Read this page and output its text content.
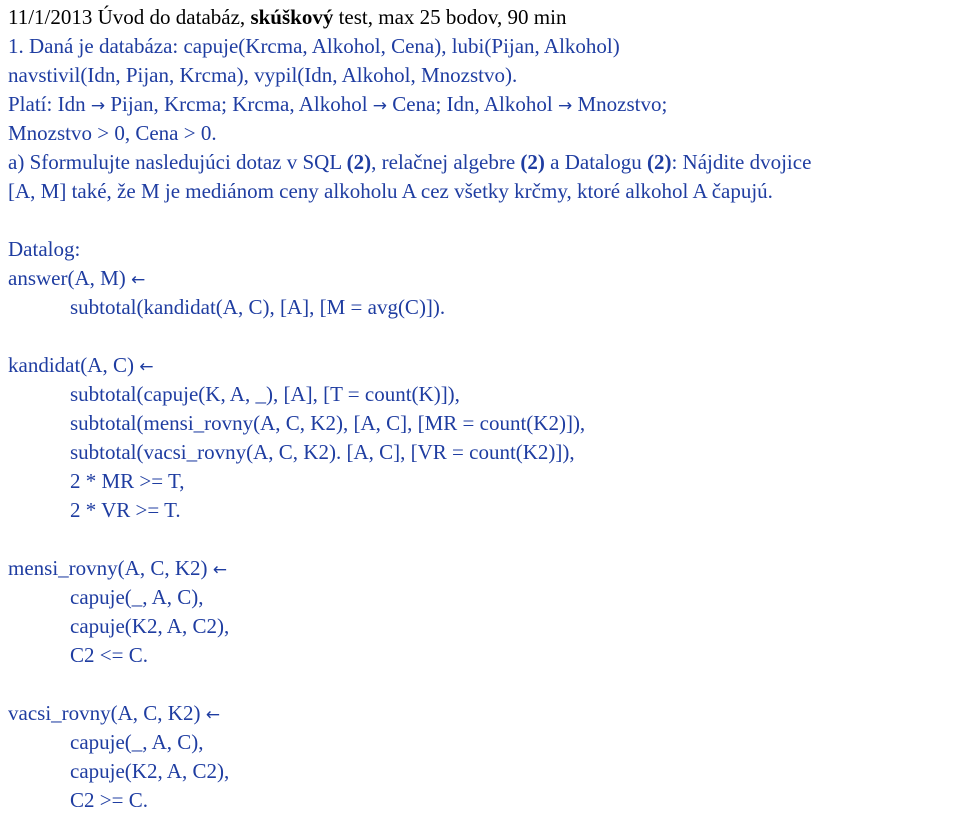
11/1/2013 Úvod do databáz, skúškový test, max 25 bodov, 90 min
1. Daná je databáza: capuje(Krcma, Alkohol, Cena), lubi(Pijan, Alkohol)
navstivil(Idn, Pijan, Krcma), vypil(Idn, Alkohol, Mnozstvo).
Platí: Idn → Pijan, Krcma; Krcma, Alkohol → Cena; Idn, Alkohol → Mnozstvo;
Mnozstvo > 0, Cena > 0.
a) Sformulujte nasledujúci dotaz v SQL (2), relačnej algebre (2) a Datalogu (2): Nájdite dvojice
[A, M] také, že M je mediánom ceny alkoholu A cez všetky krčmy, ktoré alkohol A čapujú.
Datalog:
answer(A, M) ←
subtotal(kandidat(A, C), [A], [M = avg(C)]).
kandidat(A, C) ←
subtotal(capuje(K, A, _), [A], [T = count(K)]),
subtotal(mensi_rovny(A, C, K2), [A, C], [MR = count(K2)]),
subtotal(vacsi_rovny(A, C, K2). [A, C], [VR = count(K2)]),
2 * MR >= T,
2 * VR >= T.
mensi_rovny(A, C, K2) ←
capuje(_, A, C),
capuje(K2, A, C2),
C2 <= C.
vacsi_rovny(A, C, K2) ←
capuje(_, A, C),
capuje(K2, A, C2),
C2 >= C.
